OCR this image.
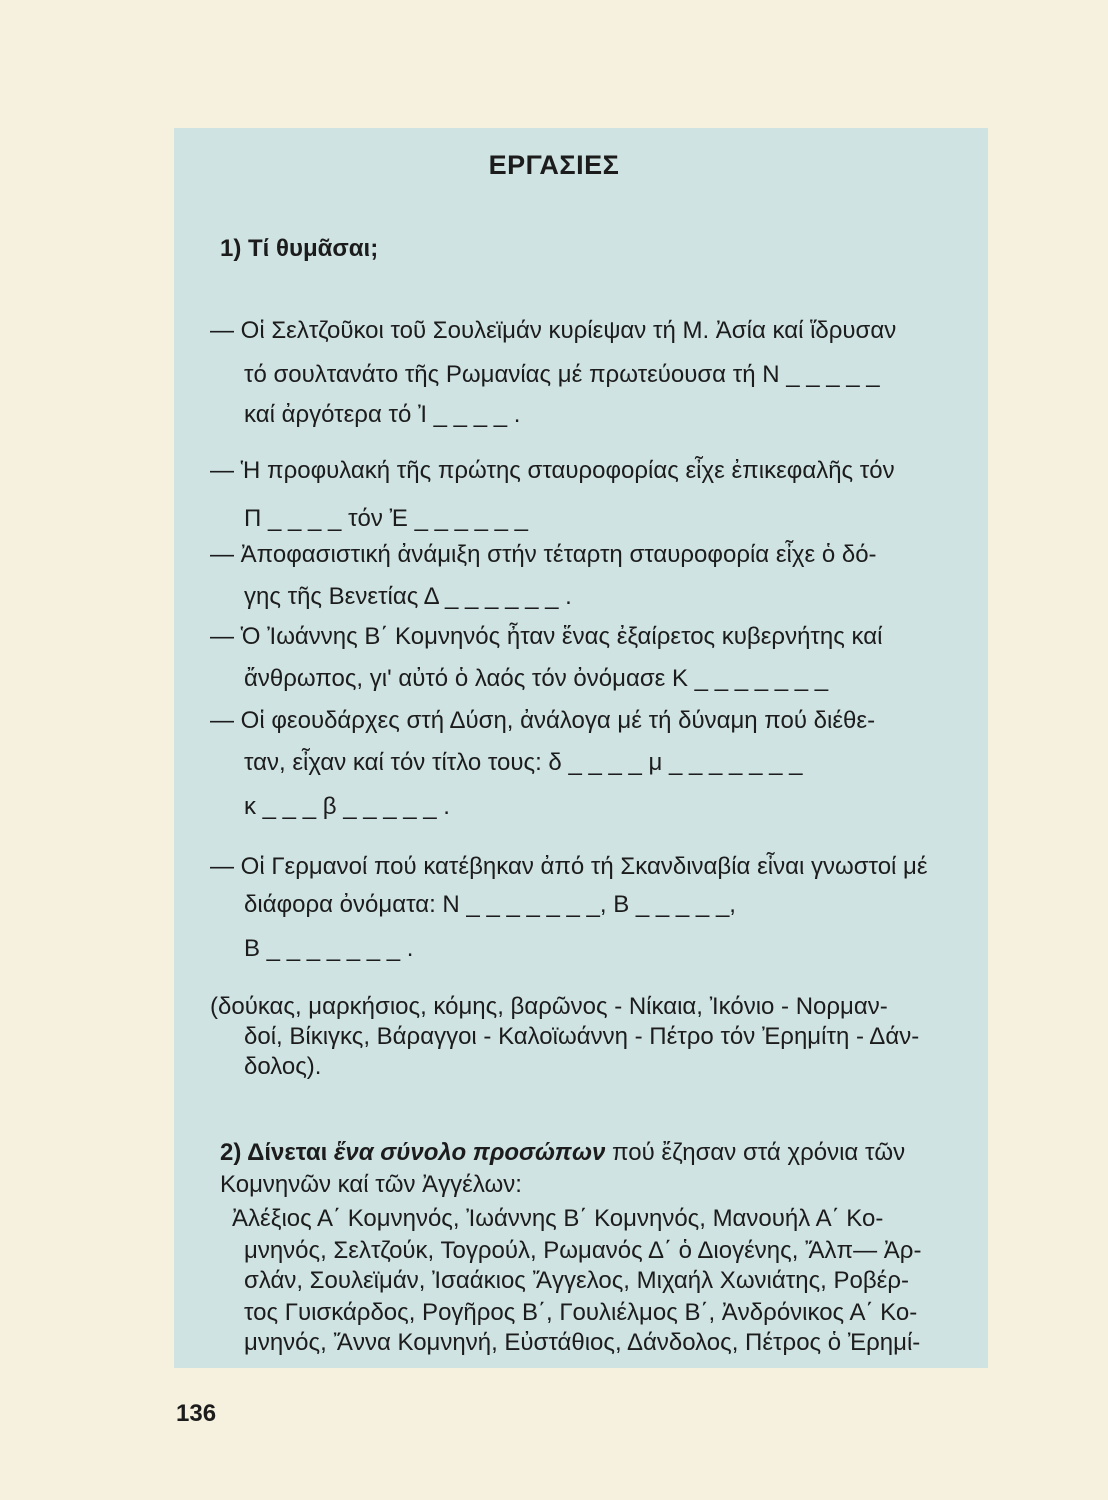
ΕΡΓΑΣΙΕΣ
1) Τί θυμᾶσαι;
— Οἱ Σελτζοῦκοι τοῦ Σουλεϊμάν κυρίεψαν τή Μ. Ἀσία καί ἵδρυσαν
τό σουλτανάτο τῆς Ρωμανίας μέ πρωτεύουσα τή Ν _ _ _ _ _
καί ἀργότερα τό Ἰ _ _ _ _ .
— Ἡ προφυλακή τῆς πρώτης σταυροφορίας εἶχε ἐπικεφαλῆς τόν
Π _ _ _ _ τόν Ἐ _ _ _ _ _ _
— Ἀποφασιστική ἀνάμιξη στήν τέταρτη σταυροφορία εἶχε ὁ δό-
γης τῆς Βενετίας Δ _ _ _ _ _ _ .
— Ὁ Ἰωάννης Β΄ Κομνηνός ἦταν ἕνας ἐξαίρετος κυβερνήτης καί
ἄνθρωπος, γι' αὐτό ὁ λαός τόν ὀνόμασε Κ _ _ _ _ _ _ _
— Οἱ φεουδάρχες στή Δύση, ἀνάλογα μέ τή δύναμη πού διέθε-
ταν, εἶχαν καί τόν τίτλο τους: δ _ _ _ _ μ _ _ _ _ _ _ _
κ _ _ _ β _ _ _ _ _ .
— Οἱ Γερμανοί πού κατέβηκαν ἀπό τή Σκανδιναβία εἶναι γνωστοί μέ
διάφορα ὀνόματα: Ν _ _ _ _ _ _ _, Β _ _ _ _ _,
Β _ _ _ _ _ _ _ .
(δούκας, μαρκήσιος, κόμης, βαρῶνος - Νίκαια, Ἰκόνιο - Νορμαν-
δοί, Βίκιγκς, Βάραγγοι - Καλοϊωάννη - Πέτρο τόν Ἐρημίτη - Δάν-
δολος).
2) Δίνεται ἕνα σύνολο προσώπων πού ἔζησαν στά χρόνια τῶν
Κομνηνῶν καί τῶν Ἀγγέλων:
Ἀλέξιος Α΄ Κομνηνός, Ἰωάννης Β΄ Κομνηνός, Μανουήλ Α΄ Κο-
μνηνός, Σελτζούκ, Τογρούλ, Ρωμανός Δ΄ ὁ Διογένης, Ἄλπ— Ἀρ-
σλάν, Σουλεϊμάν, Ἰσαάκιος Ἄγγελος, Μιχαήλ Χωνιάτης, Ροβέρ-
τος Γυισκάρδος, Ρογῆρος Β΄, Γουλιέλμος Β΄, Ἀνδρόνικος Α΄ Κο-
μνηνός, Ἄννα Κομνηνή, Εὐστάθιος, Δάνδολος, Πέτρος ὁ Ἐρημί-
136
